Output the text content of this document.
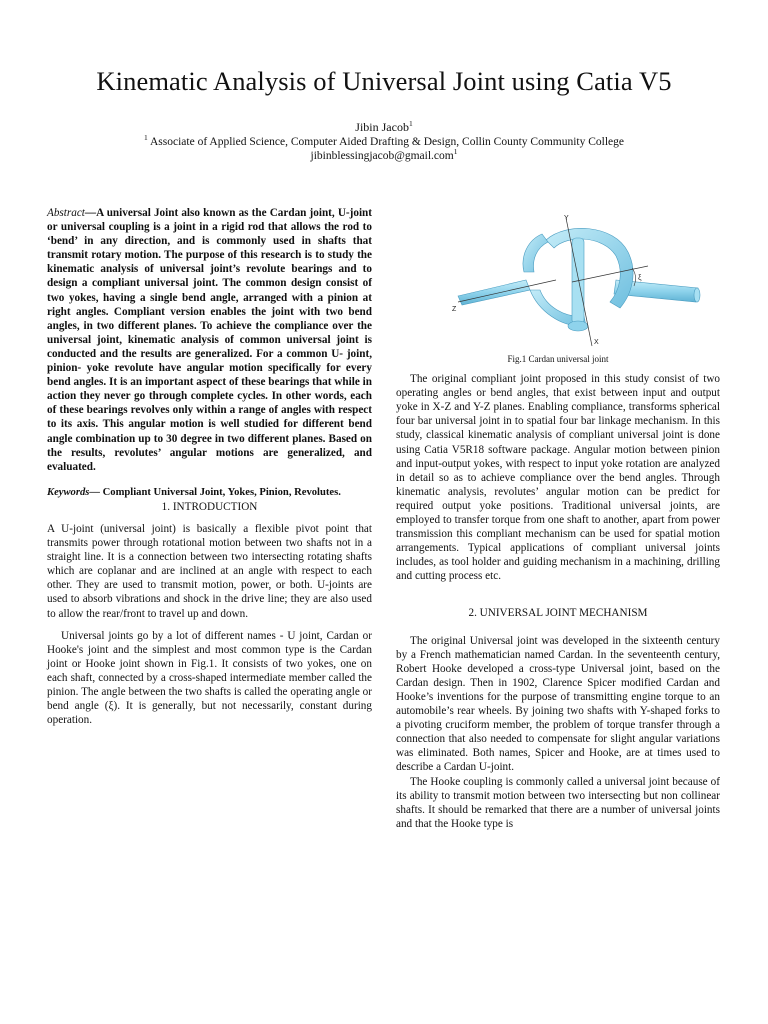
Kinematic Analysis of Universal Joint using Catia V5
Jibin Jacob$^1$
$^1$ Associate of Applied Science, Computer Aided Drafting & Design, Collin County Community College
jibinblessingjacob@gmail.com$^1$

Abstract—A universal Joint also known as the Cardan joint, U-joint or universal coupling is a joint in a rigid rod that allows the rod to ‘bend’ in any direction, and is commonly used in shafts that transmit rotary motion. The purpose of this research is to study the kinematic analysis of universal joint’s revolute bearings and to design a compliant universal joint. The common design consist of two yokes, having a single bend angle, arranged with a pinion at right angles. Compliant version enables the joint with two bend angles, in two different planes. To achieve the compliance over the universal joint, kinematic analysis of common universal joint is conducted and the results are generalized. For a common U- joint, pinion- yoke revolute have angular motion specifically for every bend angles. It is an important aspect of these bearings that while in action they never go through complete cycles. In other words, each of these bearings revolves only within a range of angles with respect to its axis. This angular motion is well studied for different bend angle combination up to 30 degree in two different planes. Based on the results, revolutes’ angular motions are generalized, and evaluated.

Keywords— Compliant Universal Joint, Yokes, Pinion, Revolutes.

1. INTRODUCTION

A U-joint (universal joint) is basically a flexible pivot point that transmits power through rotational motion between two shafts not in a straight line. It is a connection between two intersecting rotating shafts which are coplanar and are inclined at an angle with respect to each other. They are used to transmit motion, power, or both. U-joints are used to absorb vibrations and shock in the drive line; they are also used to allow the rear/front to travel up and down.

Universal joints go by a lot of different names - U joint, Cardan or Hooke's joint and the simplest and most common type is the Cardan joint or Hooke joint shown in Fig.1. It consists of two yokes, one on each shaft, connected by a cross-shaped intermediate member called the pinion. The angle between the two shafts is called the operating angle or bend angle (ξ). It is generally, but not necessarily, constant during operation.

Y
Z
X
ξ
Fig.1 Cardan universal joint

The original compliant joint proposed in this study consist of two operating angles or bend angles, that exist between input and output yoke in X-Z and Y-Z planes. Enabling compliance, transforms spherical four bar universal joint in to spatial four bar linkage mechanism. In this study, classical kinematic analysis of compliant universal joint is done using Catia V5R18 software package. Angular motion between pinion and input-output yokes, with respect to input yoke rotation are analyzed in detail so as to achieve compliance over the bend angles. Through kinematic analysis, revolutes’ angular motion can be predict for required output yoke positions. Traditional universal joints, are employed to transfer torque from one shaft to another, apart from power transmission this compliant mechanism can be used for spatial motion arrangements. Typical applications of compliant universal joints includes, as tool holder and guiding mechanism in a machining, drilling and cutting process etc.

2. UNIVERSAL JOINT MECHANISM

The original Universal joint was developed in the sixteenth century by a French mathematician named Cardan. In the seventeenth century, Robert Hooke developed a cross-type Universal joint, based on the Cardan design. Then in 1902, Clarence Spicer modified Cardan and Hooke’s inventions for the purpose of transmitting engine torque to an automobile’s rear wheels. By joining two shafts with Y-shaped forks to a pivoting cruciform member, the problem of torque transfer through a connection that also needed to compensate for slight angular variations was eliminated. Both names, Spicer and Hooke, are at times used to describe a Cardan U-joint.

The Hooke coupling is commonly called a universal joint because of its ability to transmit motion between two intersecting but non collinear shafts. It should be remarked that there are a number of universal joints and that the Hooke type is
